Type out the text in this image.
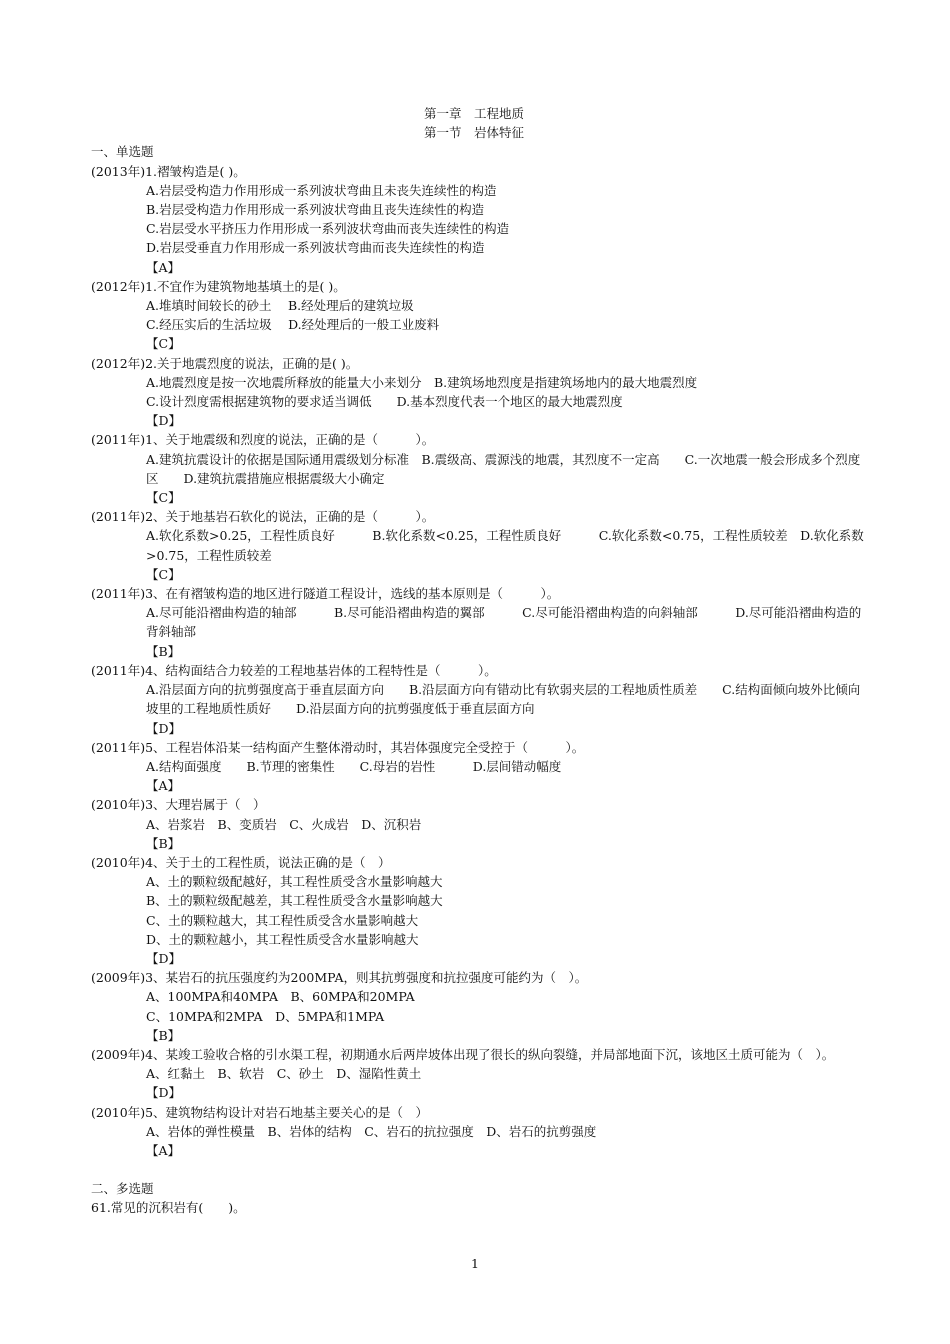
第一章　工程地质
第一节　岩体特征
一、单选题
(2013年)1.褶皱构造是( )。
A.岩层受构造力作用形成一系列波状弯曲且未丧失连续性的构造
B.岩层受构造力作用形成一系列波状弯曲且丧失连续性的构造
C.岩层受水平挤压力作用形成一系列波状弯曲而丧失连续性的构造
D.岩层受垂直力作用形成一系列波状弯曲而丧失连续性的构造
【A】
(2012年)1.不宜作为建筑物地基填土的是( )。
A.堆填时间较长的砂土　 B.经处理后的建筑垃圾
C.经压实后的生活垃圾　 D.经处理后的一般工业废料
【C】
(2012年)2.关于地震烈度的说法，正确的是( )。
A.地震烈度是按一次地震所释放的能量大小来划分　B.建筑场地烈度是指建筑场地内的最大地震烈度
C.设计烈度需根据建筑物的要求适当调低　　D.基本烈度代表一个地区的最大地震烈度
【D】
(2011年)1、关于地震级和烈度的说法，正确的是（　　　）。
A.建筑抗震设计的依据是国际通用震级划分标准　B.震级高、震源浅的地震，其烈度不一定高　　C.一次地震一般会形成多个烈度区　　D.建筑抗震措施应根据震级大小确定
【C】
(2011年)2、关于地基岩石软化的说法，正确的是（　　　）。
A.软化系数>0.25，工程性质良好　　　B.软化系数<0.25，工程性质良好　　　C.软化系数<0.75，工程性质较差　D.软化系数>0.75，工程性质较差
【C】
(2011年)3、在有褶皱构造的地区进行隧道工程设计，选线的基本原则是（　　　）。
A.尽可能沿褶曲构造的轴部　　　B.尽可能沿褶曲构造的翼部　　　C.尽可能沿褶曲构造的向斜轴部　　　D.尽可能沿褶曲构造的背斜轴部
【B】
(2011年)4、结构面结合力较差的工程地基岩体的工程特性是（　　　）。
A.沿层面方向的抗剪强度高于垂直层面方向　　B.沿层面方向有错动比有软弱夹层的工程地质性质差　　C.结构面倾向坡外比倾向坡里的工程地质性质好　　D.沿层面方向的抗剪强度低于垂直层面方向
【D】
(2011年)5、工程岩体沿某一结构面产生整体滑动时，其岩体强度完全受控于（　　　）。
A.结构面强度　　B.节理的密集性　　C.母岩的岩性　　　D.层间错动幅度
【A】
(2010年)3、大理岩属于（　）
A、岩浆岩　B、变质岩　C、火成岩　D、沉积岩
【B】
(2010年)4、关于土的工程性质，说法正确的是（　）
A、土的颗粒级配越好，其工程性质受含水量影响越大
B、土的颗粒级配越差，其工程性质受含水量影响越大
C、土的颗粒越大，其工程性质受含水量影响越大
D、土的颗粒越小，其工程性质受含水量影响越大
【D】
(2009年)3、某岩石的抗压强度约为200MPA，则其抗剪强度和抗拉强度可能约为（　）。
A、100MPA和40MPA　B、60MPA和20MPA
C、10MPA和2MPA　D、5MPA和1MPA
【B】
(2009年)4、某竣工验收合格的引水渠工程，初期通水后两岸坡体出现了很长的纵向裂缝，并局部地面下沉，该地区土质可能为（　）。
A、红黏土　B、软岩　C、砂土　D、湿陷性黄土
【D】
(2010年)5、建筑物结构设计对岩石地基主要关心的是（　）
A、岩体的弹性模量　B、岩体的结构　C、岩石的抗拉强度　D、岩石的抗剪强度
【A】
二、多选题
61.常见的沉积岩有(　　)。
1
